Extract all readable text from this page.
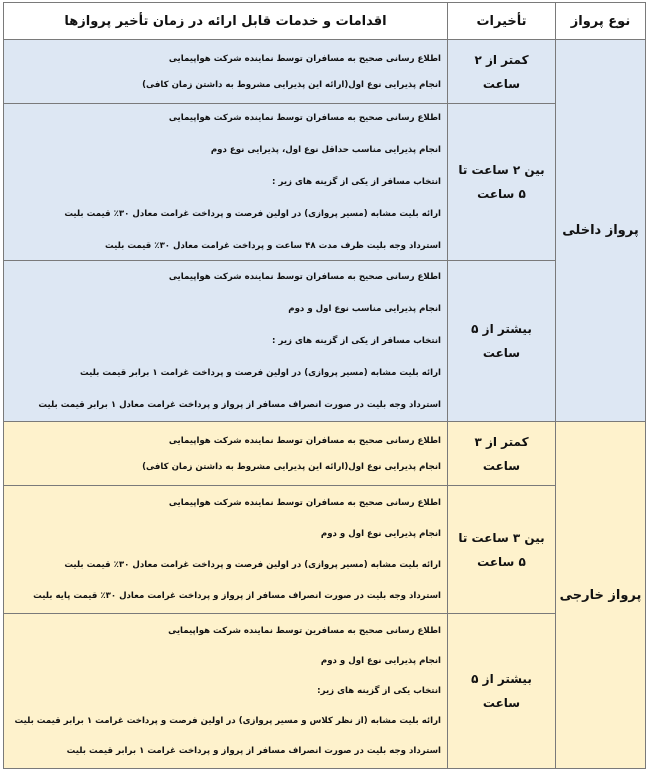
نوع پرواز	تأخیرات	اقدامات و خدمات قابل ارائه در زمان تأخیر پروازها
پرواز داخلی	کمتر از ۲ ساعت	اطلاع رسانی صحیح به مسافران توسط نماینده شرکت هواپیمایی
انجام پذیرایی نوع اول(ارائه این پذیرایی مشروط به داشتن زمان کافی)

	بین ۲ ساعت تا ۵ ساعت	اطلاع رسانی صحیح به مسافران توسط نماینده شرکت هواپیمایی
انجام پذیرایی مناسب حداقل نوع اول، پذیرایی نوع دوم
انتخاب مسافر از یکی از گزینه های زیر :
ارائه بلیت مشابه (مسیر پروازی) در اولین فرصت و پرداخت غرامت معادل ۳۰٪ قیمت بلیت
استرداد وجه بلیت ظرف مدت ۴۸ ساعت و پرداخت غرامت معادل ۳۰٪ قیمت بلیت

	بیشتر از ۵ ساعت	اطلاع رسانی صحیح به مسافران توسط نماینده شرکت هواپیمایی
انجام پذیرایی مناسب نوع اول و دوم
انتخاب مسافر از یکی از گزینه های زیر :
ارائه بلیت مشابه (مسیر پروازی) در اولین فرصت و پرداخت غرامت ۱ برابر قیمت بلیت
استرداد وجه بلیت در صورت انصراف مسافر از پرواز و پرداخت غرامت معادل ۱ برابر قیمت بلیت

پرواز خارجی	کمتر از ۳ ساعت	اطلاع رسانی صحیح به مسافران توسط نماینده شرکت هواپیمایی
انجام پذیرایی نوع اول(ارائه این پذیرایی مشروط به داشتن زمان کافی)

	بین ۳ ساعت تا ۵ ساعت	اطلاع رسانی صحیح به مسافران توسط نماینده شرکت هواپیمایی
انجام پذیرایی نوع اول و دوم
ارائه بلیت مشابه (مسیر پروازی) در اولین فرصت و پرداخت غرامت معادل ۳۰٪ قیمت بلیت
استرداد وجه بلیت در صورت انصراف مسافر از پرواز و پرداخت غرامت معادل ۳۰٪ قیمت پایه بلیت

	بیشتر از ۵ ساعت	اطلاع رسانی صحیح به مسافرین توسط نماینده شرکت هواپیمایی
انجام پذیرایی نوع اول و دوم
انتخاب یکی از گزینه های زیر:
ارائه بلیت مشابه (از نظر کلاس و مسیر پروازی) در اولین فرصت و پرداخت غرامت ۱ برابر قیمت بلیت
استرداد وجه بلیت در صورت انصراف مسافر از پرواز و پرداخت غرامت ۱ برابر قیمت بلیت
